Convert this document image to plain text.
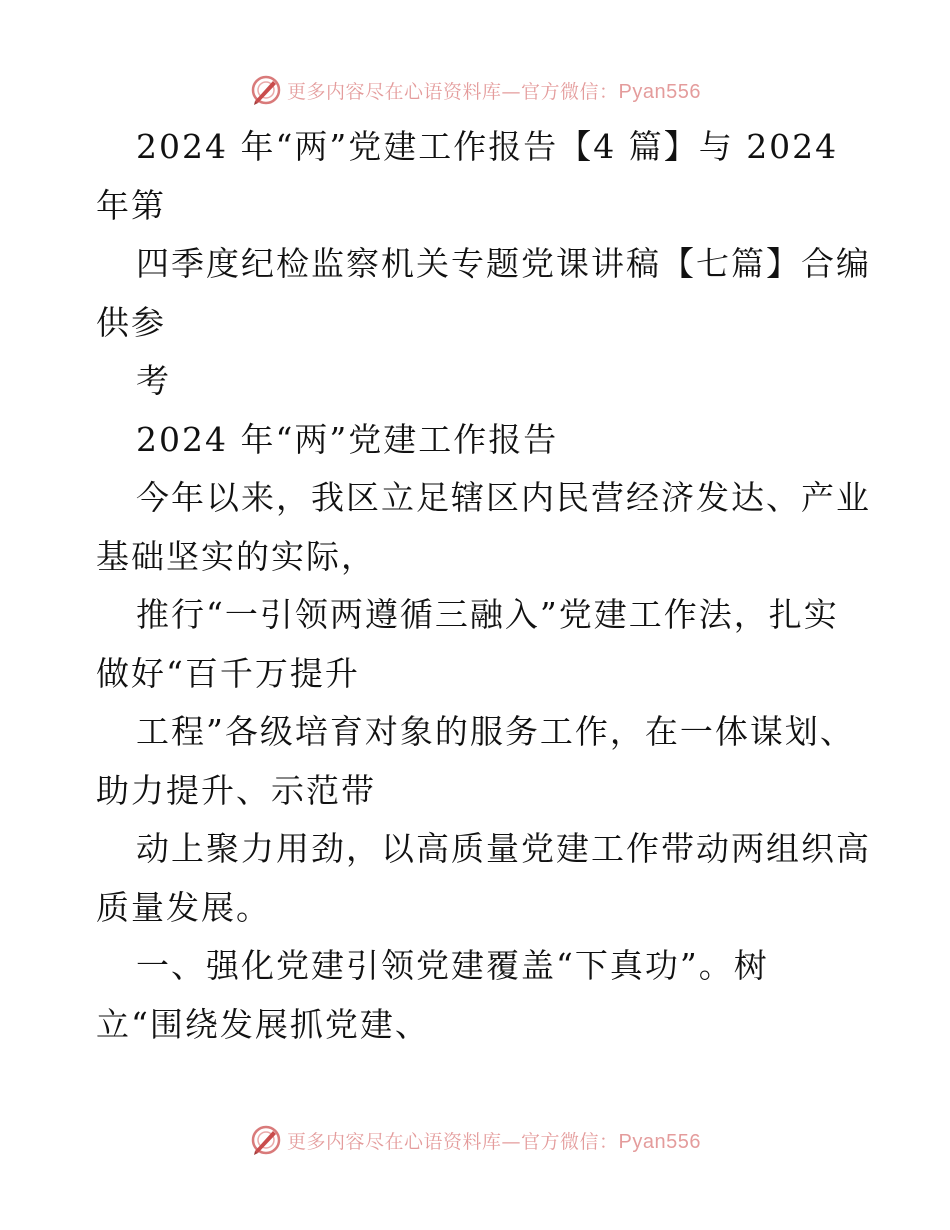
更多内容尽在心语资料库—官方微信：Pyan556
2024 年“两”党建工作报告【4 篇】与 2024
年第
四季度纪检监察机关专题党课讲稿【七篇】合编
供参
考
2024 年“两”党建工作报告
今年以来，我区立足辖区内民营经济发达、产业
基础坚实的实际，
推行“一引领两遵循三融入”党建工作法，扎实
做好“百千万提升
工程”各级培育对象的服务工作，在一体谋划、
助力提升、示范带
动上聚力用劲，以高质量党建工作带动两组织高
质量发展。
一、强化党建引领党建覆盖“下真功”。树
立“围绕发展抓党建、
更多内容尽在心语资料库—官方微信：Pyan556
